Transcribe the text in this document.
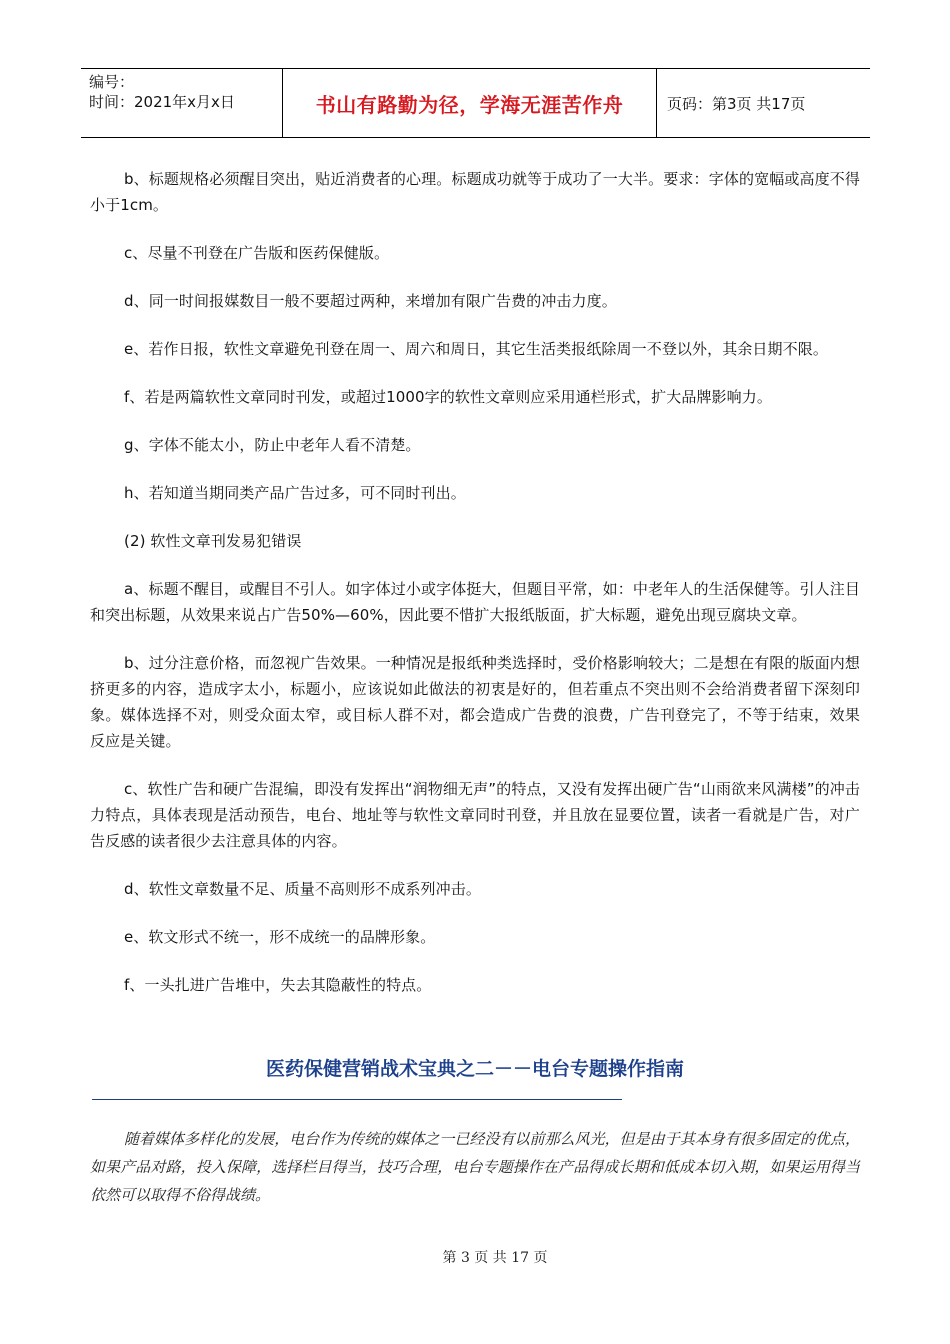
编号：
时间：2021年x月x日	书山有路勤为径，学海无涯苦作舟	页码：第3页 共17页

b、标题规格必须醒目突出，贴近消费者的心理。标题成功就等于成功了一大半。要求：字体的宽幅或高度不得小于1cm。

c、尽量不刊登在广告版和医药保健版。

d、同一时间报媒数目一般不要超过两种，来增加有限广告费的冲击力度。

e、若作日报，软性文章避免刊登在周一、周六和周日，其它生活类报纸除周一不登以外，其余日期不限。

f、若是两篇软性文章同时刊发，或超过1000字的软性文章则应采用通栏形式，扩大品牌影响力。

g、字体不能太小，防止中老年人看不清楚。

h、若知道当期同类产品广告过多，可不同时刊出。

(2) 软性文章刊发易犯错误

a、标题不醒目，或醒目不引人。如字体过小或字体挺大，但题目平常，如：中老年人的生活保健等。引人注目和突出标题，从效果来说占广告50%—60%，因此要不惜扩大报纸版面，扩大标题，避免出现豆腐块文章。

b、过分注意价格，而忽视广告效果。一种情况是报纸种类选择时，受价格影响较大；二是想在有限的版面内想挤更多的内容，造成字太小，标题小，应该说如此做法的初衷是好的，但若重点不突出则不会给消费者留下深刻印象。媒体选择不对，则受众面太窄，或目标人群不对，都会造成广告费的浪费，广告刊登完了，不等于结束，效果反应是关键。

c、软性广告和硬广告混编，即没有发挥出“润物细无声”的特点，又没有发挥出硬广告“山雨欲来风满楼”的冲击力特点，具体表现是活动预告，电台、地址等与软性文章同时刊登，并且放在显要位置，读者一看就是广告，对广告反感的读者很少去注意具体的内容。

d、软性文章数量不足、质量不高则形不成系列冲击。

e、软文形式不统一，形不成统一的品牌形象。

f、一头扎进广告堆中，失去其隐蔽性的特点。

医药保健营销战术宝典之二－－电台专题操作指南
随着媒体多样化的发展，电台作为传统的媒体之一已经没有以前那么风光，但是由于其本身有很多固定的优点，如果产品对路，投入保障，选择栏目得当，技巧合理，电台专题操作在产品得成长期和低成本切入期，如果运用得当依然可以取得不俗得战绩。
第 3 页 共 17 页
